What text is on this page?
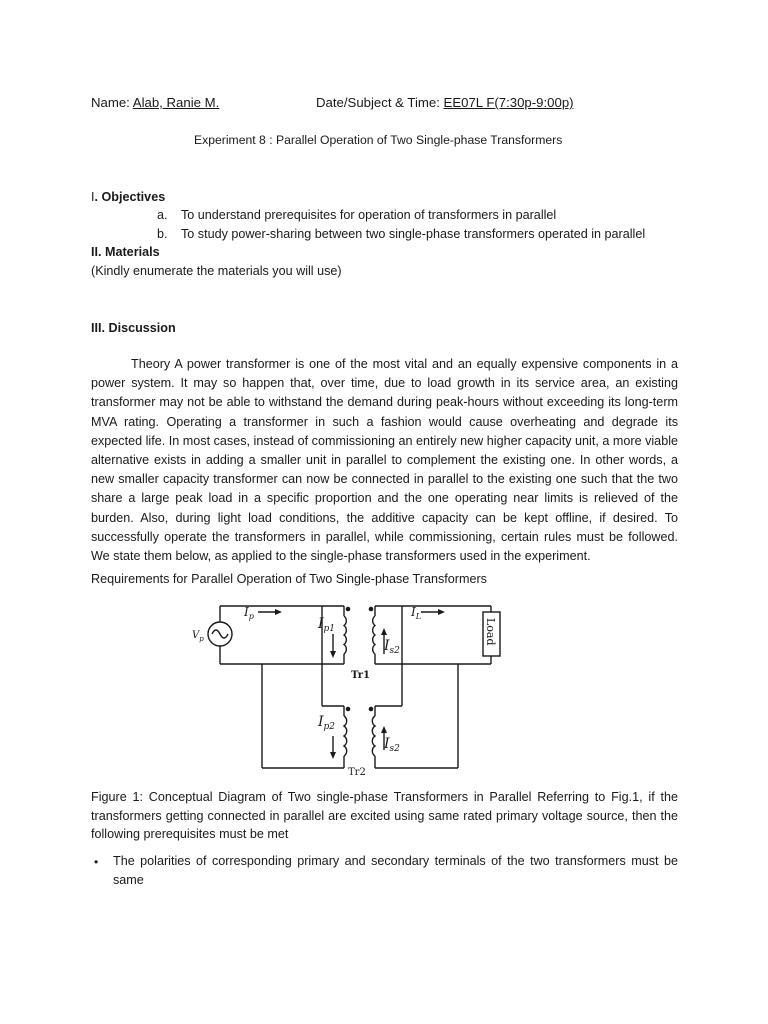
Name: Alab, Ranie M.	Date/Subject & Time: EE07L F(7:30p-9:00p)
Experiment 8 : Parallel Operation of Two Single-phase Transformers
I. Objectives
a. To understand prerequisites for operation of transformers in parallel
b. To study power-sharing between two single-phase transformers operated in parallel
II. Materials
(Kindly enumerate the materials you will use)
III. Discussion
Theory A power transformer is one of the most vital and an equally expensive components in a power system. It may so happen that, over time, due to load growth in its service area, an existing transformer may not be able to withstand the demand during peak-hours without exceeding its long-term MVA rating. Operating a transformer in such a fashion would cause overheating and degrade its expected life. In most cases, instead of commissioning an entirely new higher capacity unit, a more viable alternative exists in adding a smaller unit in parallel to complement the existing one. In other words, a new smaller capacity transformer can now be connected in parallel to the existing one such that the two share a large peak load in a specific proportion and the one operating near limits is relieved of the burden. Also, during light load conditions, the additive capacity can be kept offline, if desired. To successfully operate the transformers in parallel, while commissioning, certain rules must be followed. We state them below, as applied to the single-phase transformers used in the experiment.
Requirements for Parallel Operation of Two Single-phase Transformers
$I_p$	$I_L$
$V_p$
$I_{p1}$
$I_{s2}$
$I_{p2}$
$I_{s2}$
Tr1
Tr2
Load
Figure 1: Conceptual Diagram of Two single-phase Transformers in Parallel Referring to Fig.1, if the transformers getting connected in parallel are excited using same rated primary voltage source, then the following prerequisites must be met
• The polarities of corresponding primary and secondary terminals of the two transformers must be same
